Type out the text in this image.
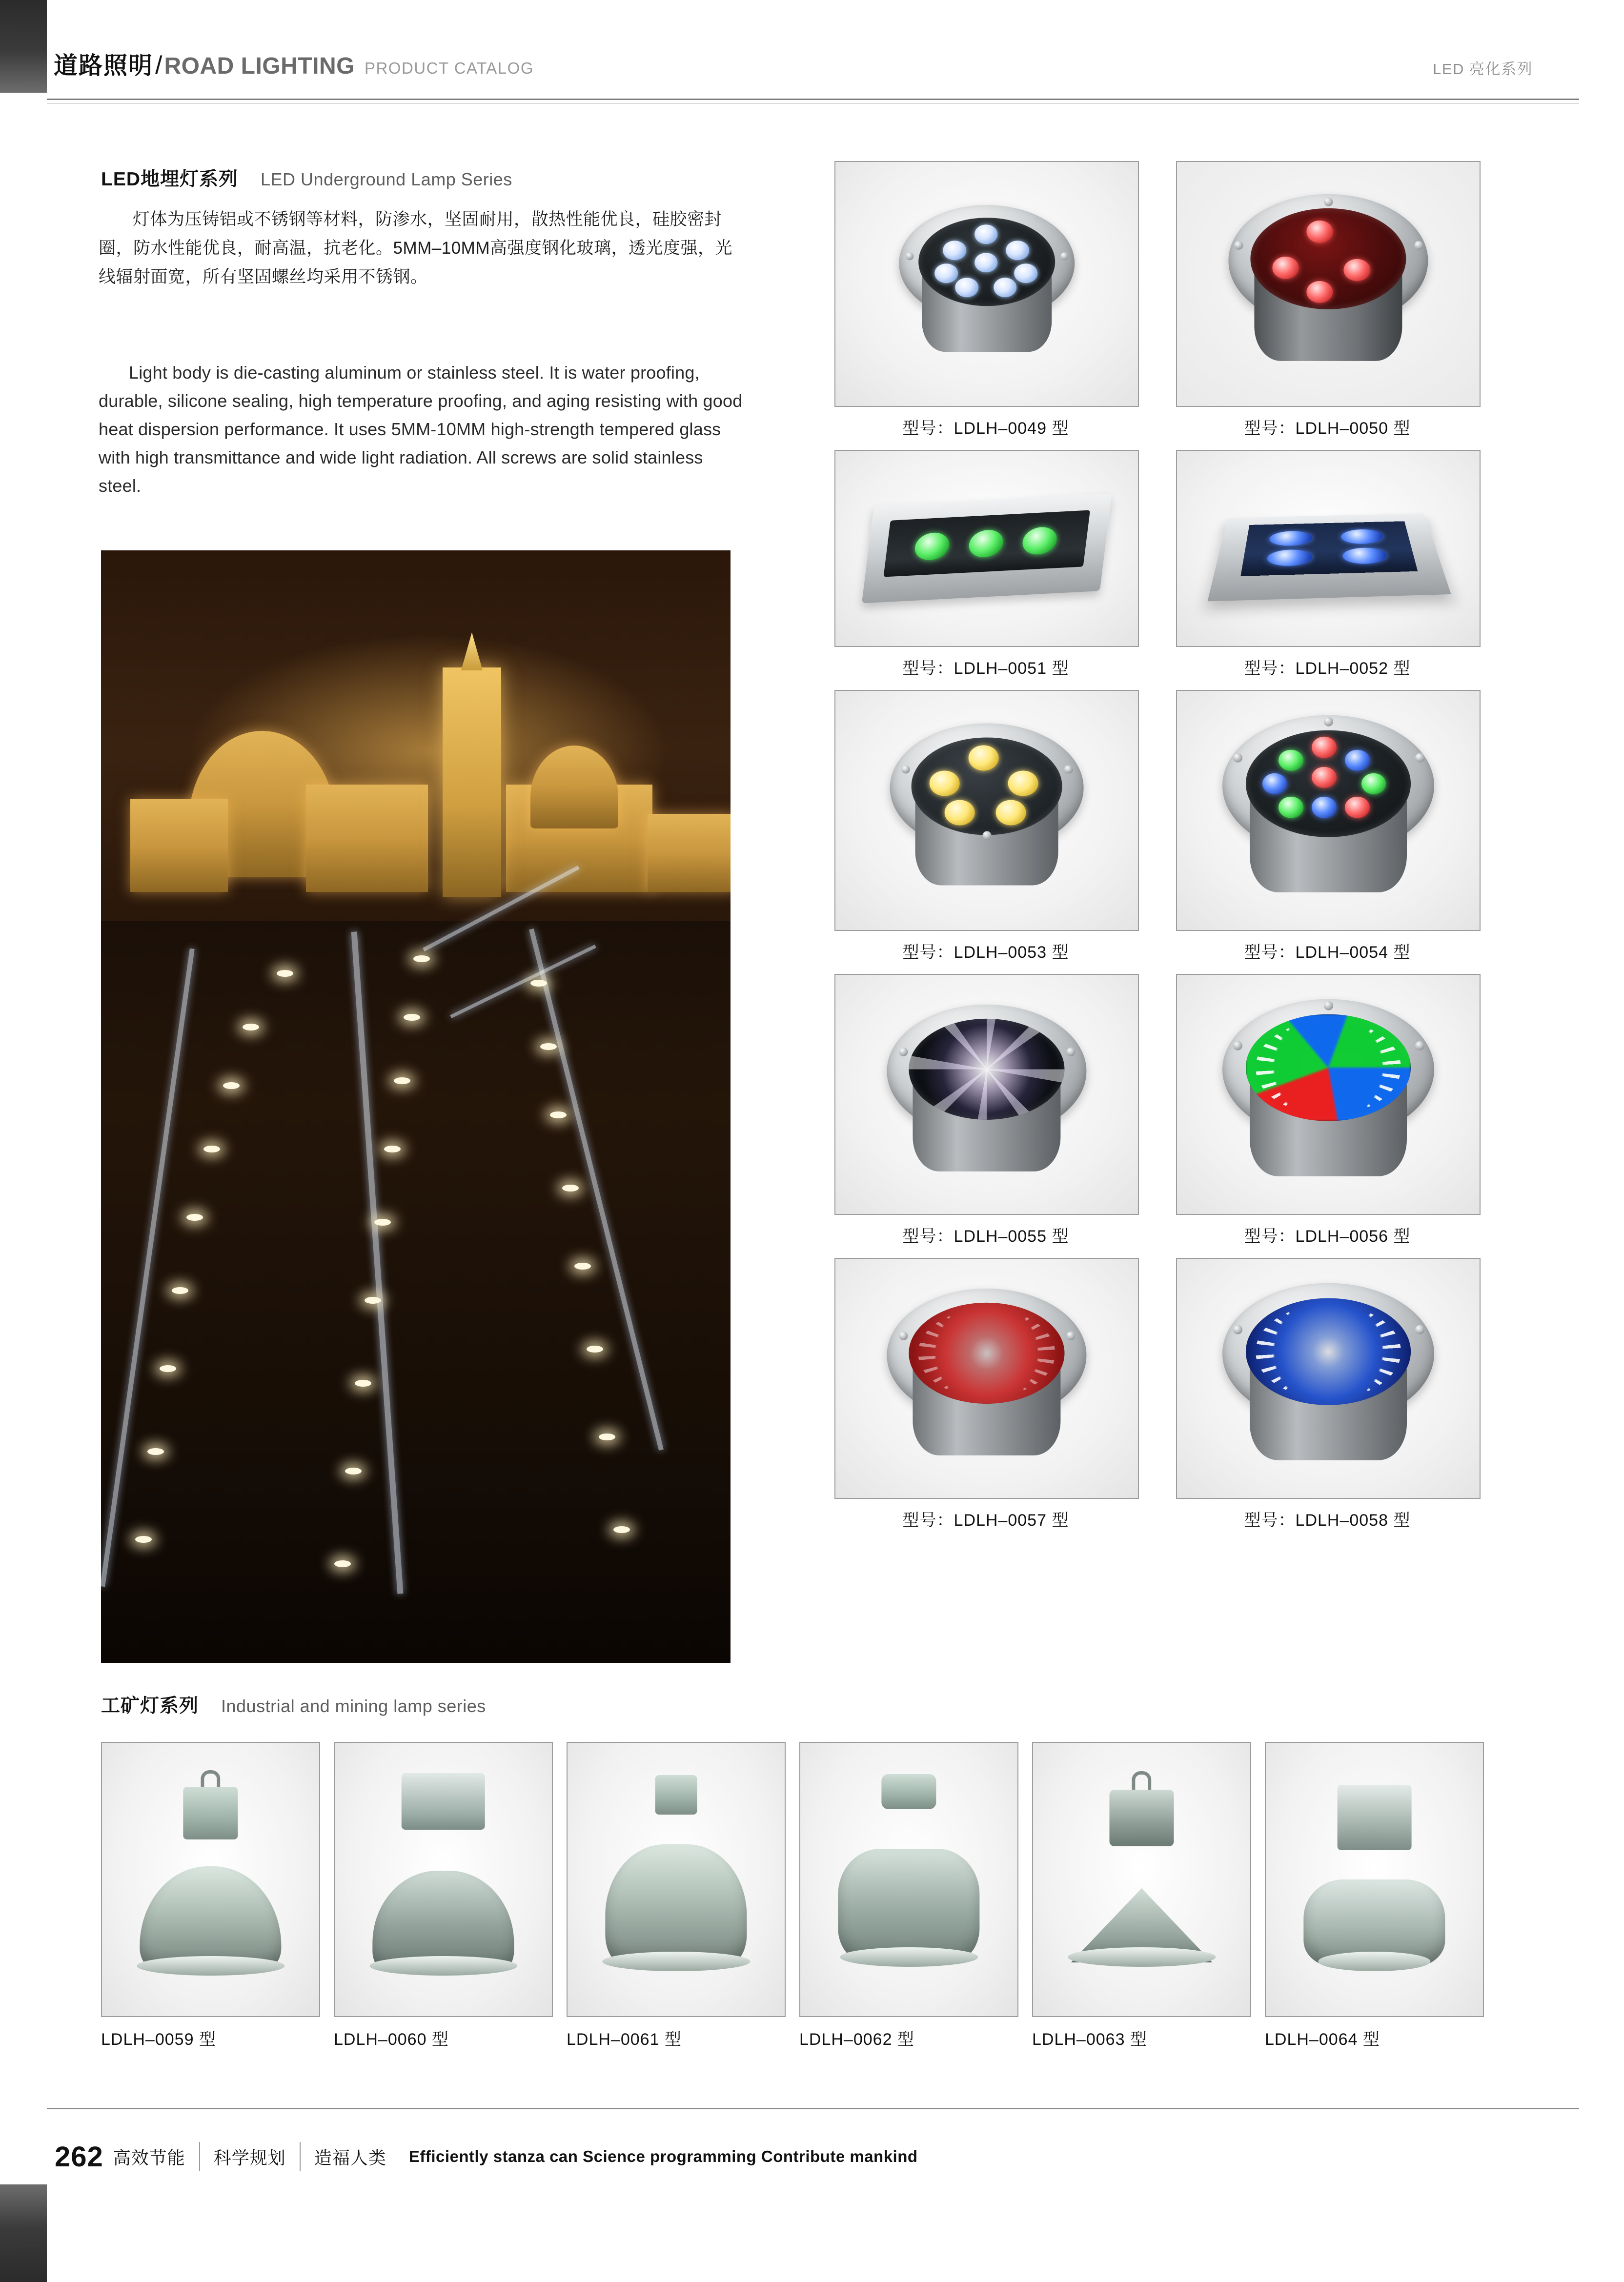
道路照明 / ROAD LIGHTING PRODUCT CATALOG	LED 亮化系列
LED地埋灯系列 LED Underground Lamp Series
灯体为压铸铝或不锈钢等材料，防渗水，坚固耐用，散热性能优良，硅胶密封圈，防水性能优良，耐高温，抗老化。5MM–10MM高强度钢化玻璃，透光度强，光线辐射面宽，所有坚固螺丝均采用不锈钢。
Light body is die-casting aluminum or stainless steel. It is water proofing, durable, silicone sealing, high temperature proofing, and aging resisting with good heat dispersion performance. It uses 5MM-10MM high-strength tempered glass with high transmittance and wide light radiation. All screws are solid stainless steel.
型号：LDLH–0049 型	型号：LDLH–0050 型
型号：LDLH–0051 型	型号：LDLH–0052 型
型号：LDLH–0053 型	型号：LDLH–0054 型
型号：LDLH–0055 型	型号：LDLH–0056 型
型号：LDLH–0057 型	型号：LDLH–0058 型
工矿灯系列 Industrial and mining lamp series
LDLH–0059 型	LDLH–0060 型	LDLH–0061 型	LDLH–0062 型	LDLH–0063 型	LDLH–0064 型
262 高效节能 科学规划 造福人类 Efficiently stanza can Science programming Contribute mankind
